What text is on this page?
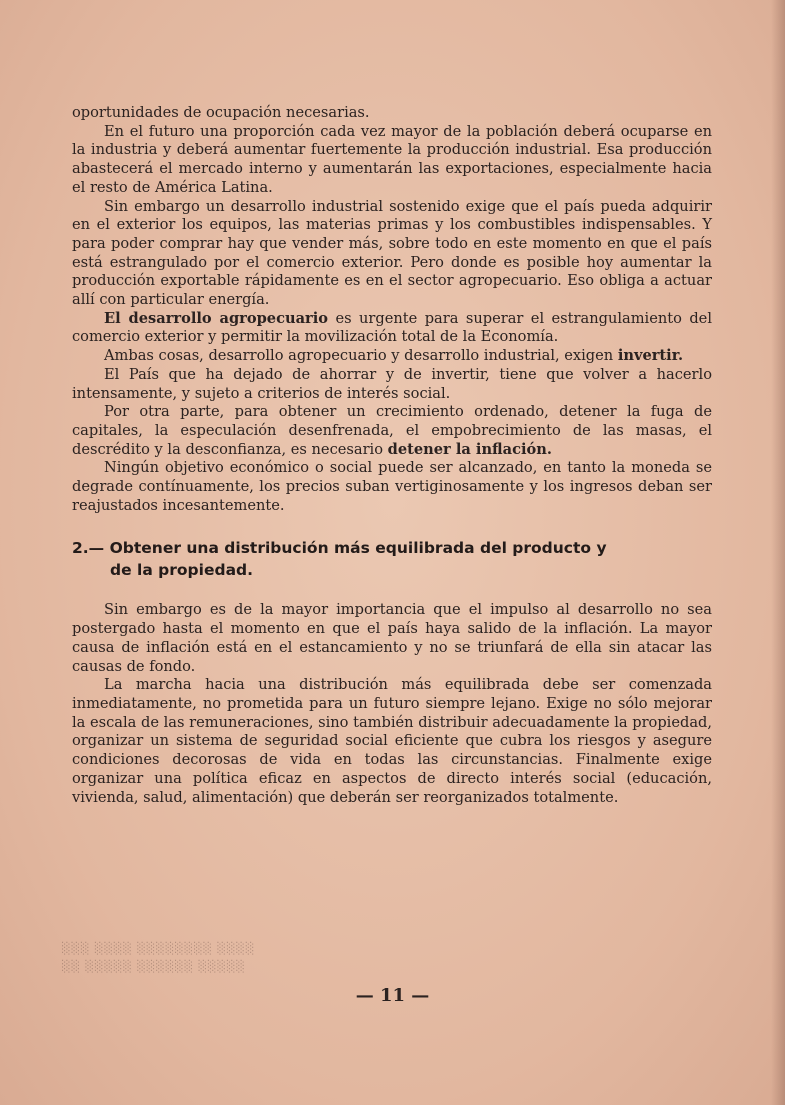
oportunidades de ocupación necesarias.

En el futuro una proporción cada vez mayor de la población deberá ocuparse en la industria y deberá aumentar fuertemente la producción industrial. Esa producción abastecerá el mercado interno y aumentarán las exportaciones, especialmente hacia el resto de América Latina.

Sin embargo un desarrollo industrial sostenido exige que el país pueda adquirir en el exterior los equipos, las materias primas y los combustibles indispensables. Y para poder comprar hay que vender más, sobre todo en este momento en que el país está estrangulado por el comercio exterior. Pero donde es posible hoy aumentar la producción exportable rápidamente es en el sector agropecuario. Eso obliga a actuar allí con particular energía.

El desarrollo agropecuario es urgente para superar el estrangulamiento del comercio exterior y permitir la movilización total de la Economía.

Ambas cosas, desarrollo agropecuario y desarrollo industrial, exigen invertir.

El País que ha dejado de ahorrar y de invertir, tiene que volver a hacerlo intensamente, y sujeto a criterios de interés social.

Por otra parte, para obtener un crecimiento ordenado, detener la fuga de capitales, la especulación desenfrenada, el empobrecimiento de las masas, el descrédito y la desconfianza, es necesario detener la inflación.

Ningún objetivo económico o social puede ser alcanzado, en tanto la moneda se degrade contínuamente, los precios suban vertiginosamente y los ingresos deban ser reajustados incesantemente.

2.— Obtener una distribución más equilibrada del producto y
de la propiedad.

Sin embargo es de la mayor importancia que el impulso al desarrollo no sea postergado hasta el momento en que el país haya salido de la inflación. La mayor causa de inflación está en el estancamiento y no se triunfará de ella sin atacar las causas de fondo.

La marcha hacia una distribución más equilibrada debe ser comenzada inmediatamente, no prometida para un futuro siempre lejano. Exige no sólo mejorar la escala de las remuneraciones, sino también distribuir adecuadamente la propiedad, organizar un sistema de seguridad social eficiente que cubra los riesgos y asegure condiciones decorosas de vida en todas las circunstancias. Finalmente exige organizar una política eficaz en aspectos de directo interés social (educación, vivienda, salud, alimentación) que deberán ser reorganizados totalmente.

░░░ ░░░░ ░░░░░░░░ ░░░░
░░ ░░░░░ ░░░░░░ ░░░░░
— 11 —
